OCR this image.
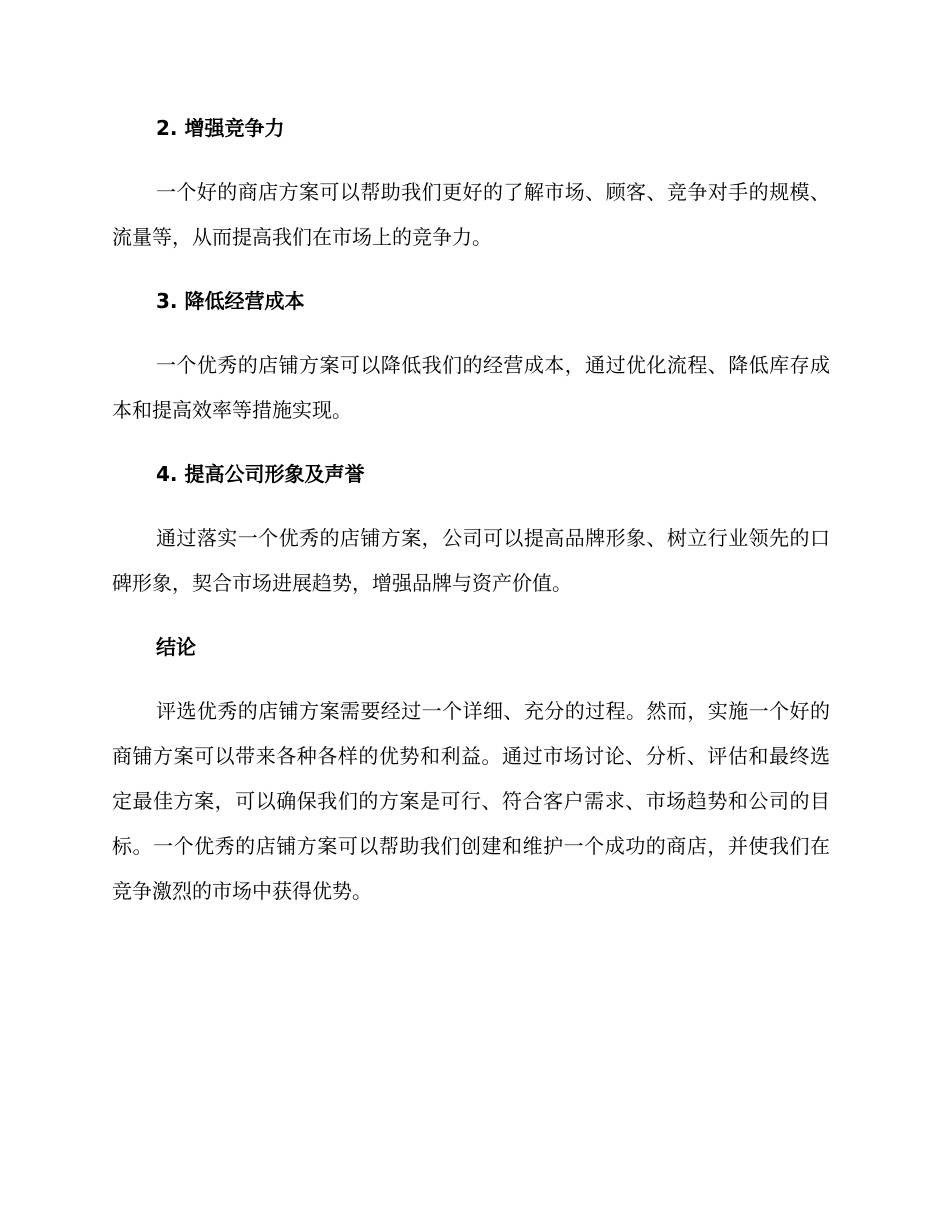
2. 增强竞争力
一个好的商店方案可以帮助我们更好的了解市场、顾客、竞争对手的规模、流量等，从而提高我们在市场上的竞争力。
3. 降低经营成本
一个优秀的店铺方案可以降低我们的经营成本，通过优化流程、降低库存成本和提高效率等措施实现。
4. 提高公司形象及声誉
通过落实一个优秀的店铺方案，公司可以提高品牌形象、树立行业领先的口碑形象，契合市场进展趋势，增强品牌与资产价值。
结论
评选优秀的店铺方案需要经过一个详细、充分的过程。然而，实施一个好的商铺方案可以带来各种各样的优势和利益。通过市场讨论、分析、评估和最终选定最佳方案，可以确保我们的方案是可行、符合客户需求、市场趋势和公司的目标。一个优秀的店铺方案可以帮助我们创建和维护一个成功的商店，并使我们在竞争激烈的市场中获得优势。
